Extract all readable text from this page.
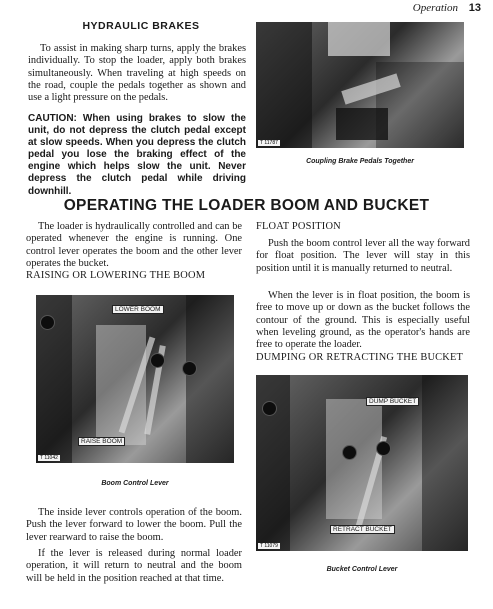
Operation 13
HYDRAULIC BRAKES
To assist in making sharp turns, apply the brakes individually. To stop the loader, apply both brakes simultaneously. When traveling at high speeds on the road, couple the pedals together as shown and use a light pressure on the pedals.
CAUTION: When using brakes to slow the unit, do not depress the clutch pedal except at slow speeds. When you depress the clutch pedal you lose the braking effect of the engine which helps slow the unit. Never depress the clutch pedal while driving downhill.
T 11787
Coupling Brake Pedals Together
OPERATING THE LOADER BOOM AND BUCKET
The loader is hydraulically controlled and can be operated whenever the engine is running. One control lever operates the boom and the other lever operates the bucket.
RAISING OR LOWERING THE BOOM
LOWER BOOM
RAISE BOOM
T 11042
Boom Control Lever
The inside lever controls operation of the boom. Push the lever forward to lower the boom. Pull the lever rearward to raise the boom.
If the lever is released during normal loader operation, it will return to neutral and the boom will be held in the position reached at that time.
FLOAT POSITION
Push the boom control lever all the way forward for float position. The lever will stay in this position until it is manually returned to neutral.
When the lever is in float position, the boom is free to move up or down as the bucket follows the contour of the ground. This is especially useful when leveling ground, as the operator's hands are free to operate the loader.
DUMPING OR RETRACTING THE BUCKET
DUMP BUCKET
RETRACT BUCKET
T 11079
Bucket Control Lever
